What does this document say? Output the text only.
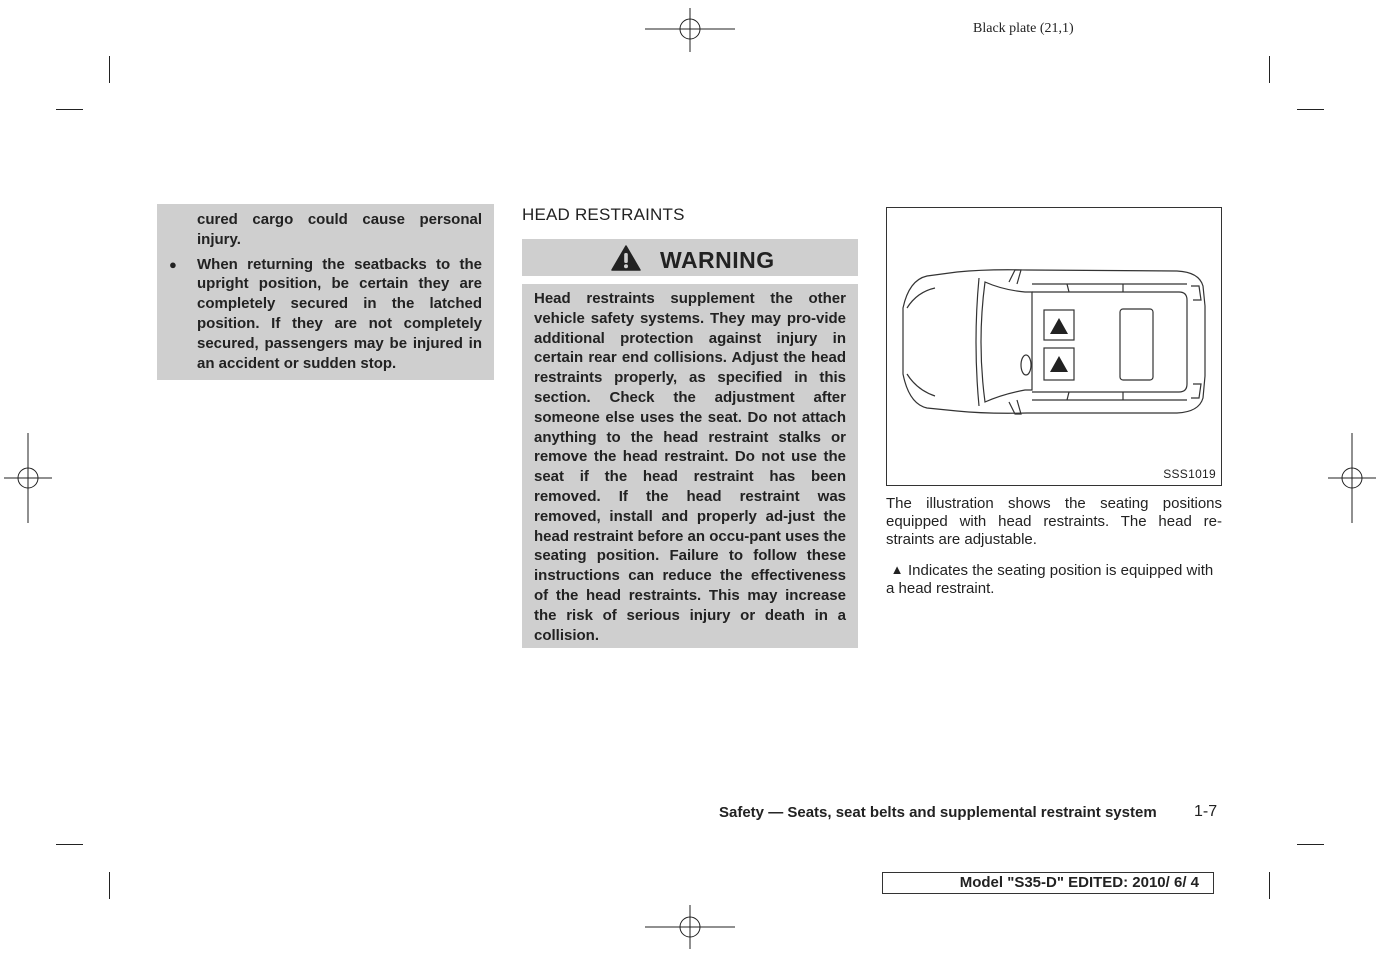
Black plate (21,1)

cured cargo could cause personal injury.

● When returning the seatbacks to the upright position, be certain they are completely secured in the latched position. If they are not completely secured, passengers may be injured in an accident or sudden stop.

HEAD RESTRAINTS
WARNING
Head restraints supplement the other vehicle safety systems. They may pro-vide additional protection against injury in certain rear end collisions. Adjust the head restraints properly, as specified in this section. Check the adjustment after someone else uses the seat. Do not attach anything to the head restraint stalks or remove the head restraint. Do not use the seat if the head restraint has been removed. If the head restraint was removed, install and properly ad-just the head restraint before an occu-pant uses the seating position. Failure to follow these instructions can reduce the effectiveness of the head restraints. This may increase the risk of serious injury or death in a collision.
SSS1019
The illustration shows the seating positions equipped with head restraints. The head re-straints are adjustable.
▲ Indicates the seating position is equipped with a head restraint.
Safety — Seats, seat belts and supplemental restraint system 1-7
Model "S35-D" EDITED: 2010/ 6/ 4
